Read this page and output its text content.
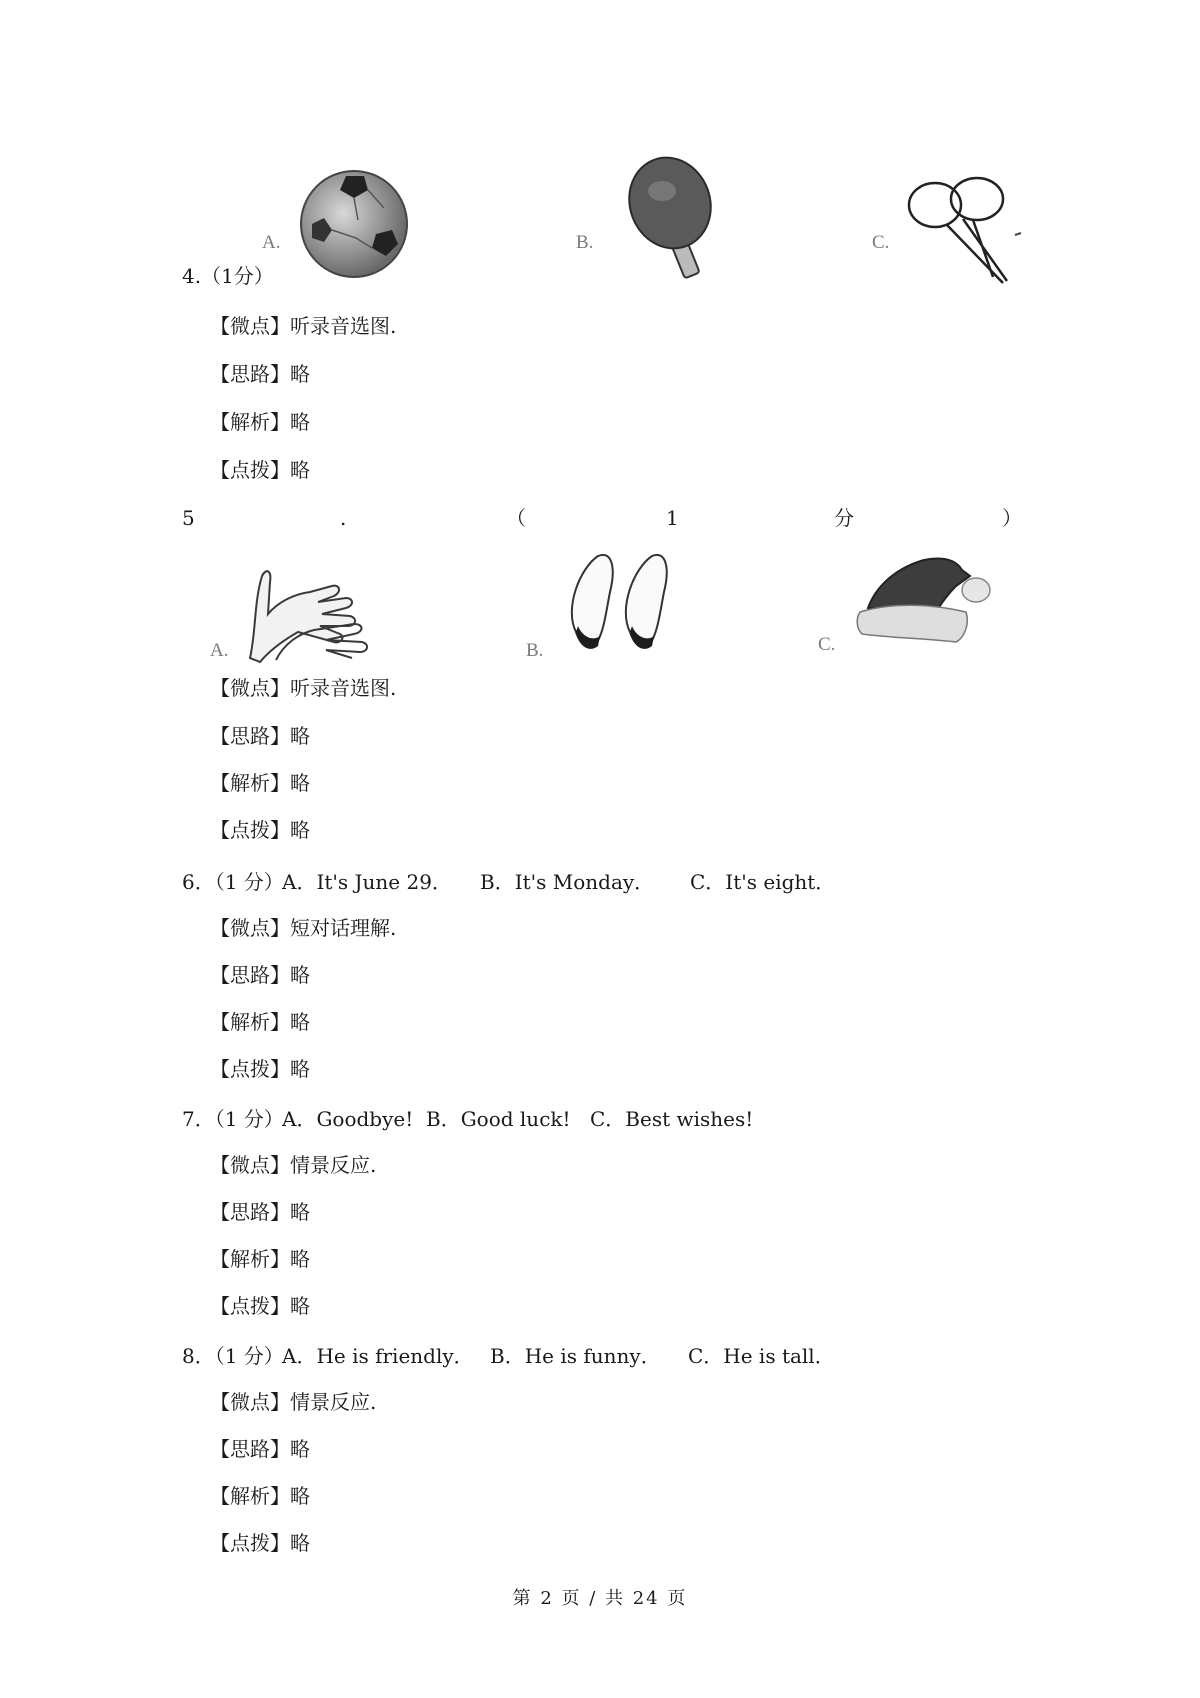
A.	B.	C.
4.（1分）
【微点】听录音选图.
【思路】略
【解析】略
【点拨】略
5	.	（	1	分	）
A.	B.	C.
【微点】听录音选图.
【思路】略
【解析】略
【点拨】略
6．（1 分）
A．It's June 29． B．It's Monday． C．It's eight．
【微点】短对话理解.
【思路】略
【解析】略
【点拨】略
7．（1 分）
A．Goodbye! B．Good luck! C．Best wishes!
【微点】情景反应.
【思路】略
【解析】略
【点拨】略
8．（1 分）
A．He is friendly． B．He is funny． C．He is tall．
【微点】情景反应.
【思路】略
【解析】略
【点拨】略
第 2 页 / 共 24 页
